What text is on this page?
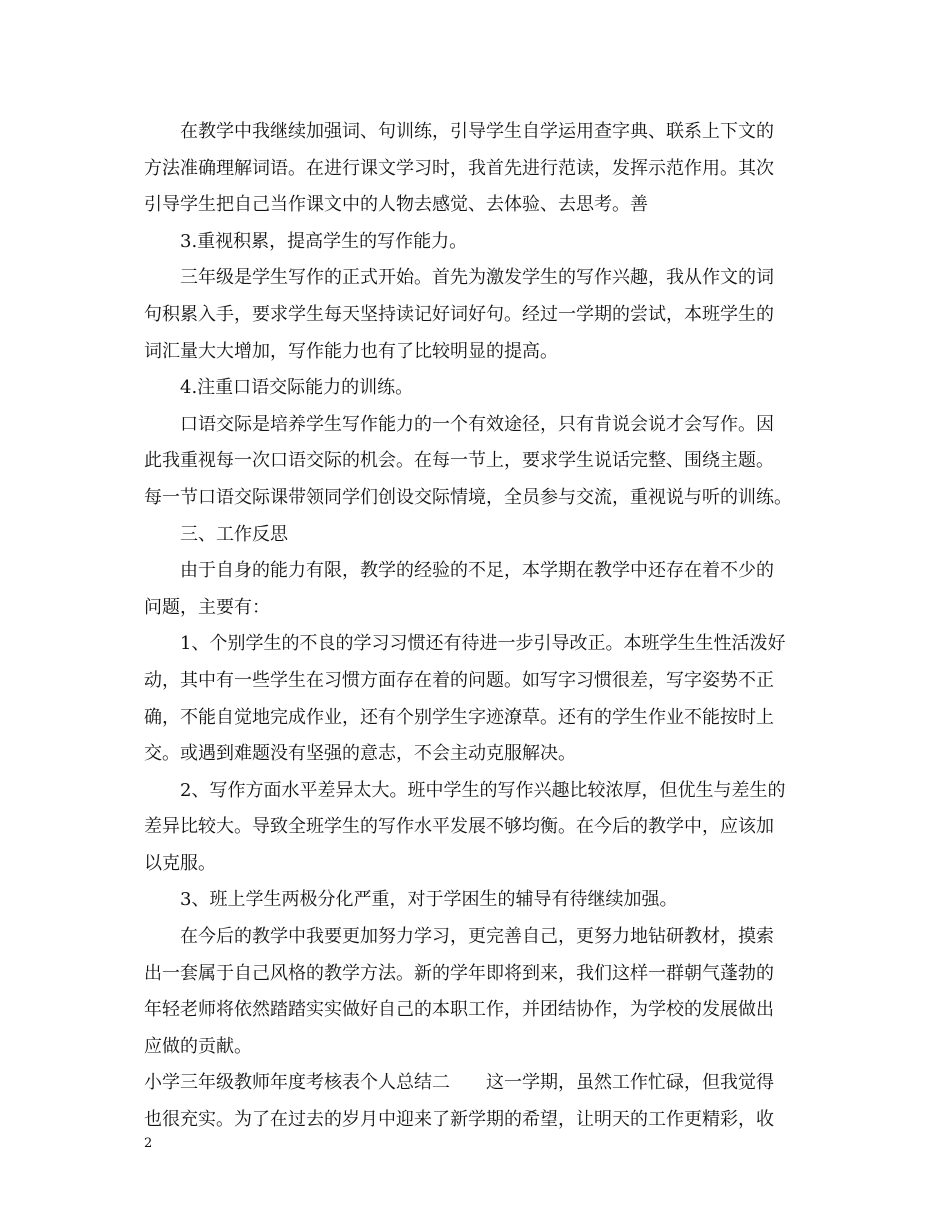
在教学中我继续加强词、句训练，引导学生自学运用查字典、联系上下文的
方法准确理解词语。在进行课文学习时，我首先进行范读，发挥示范作用。其次
引导学生把自己当作课文中的人物去感觉、去体验、去思考。善
3.重视积累，提高学生的写作能力。
三年级是学生写作的正式开始。首先为激发学生的写作兴趣，我从作文的词
句积累入手，要求学生每天坚持读记好词好句。经过一学期的尝试，本班学生的
词汇量大大增加，写作能力也有了比较明显的提高。
4.注重口语交际能力的训练。
口语交际是培养学生写作能力的一个有效途径，只有肯说会说才会写作。因
此我重视每一次口语交际的机会。在每一节上，要求学生说话完整、围绕主题。
每一节口语交际课带领同学们创设交际情境，全员参与交流，重视说与听的训练。
三、工作反思
由于自身的能力有限，教学的经验的不足，本学期在教学中还存在着不少的
问题，主要有：
1、个别学生的不良的学习习惯还有待进一步引导改正。本班学生生性活泼好
动，其中有一些学生在习惯方面存在着的问题。如写字习惯很差，写字姿势不正
确，不能自觉地完成作业，还有个别学生字迹潦草。还有的学生作业不能按时上
交。或遇到难题没有坚强的意志，不会主动克服解决。
2、写作方面水平差异太大。班中学生的写作兴趣比较浓厚，但优生与差生的
差异比较大。导致全班学生的写作水平发展不够均衡。在今后的教学中，应该加
以克服。
3、班上学生两极分化严重，对于学困生的辅导有待继续加强。
在今后的教学中我要更加努力学习，更完善自己，更努力地钻研教材，摸索
出一套属于自己风格的教学方法。新的学年即将到来，我们这样一群朝气蓬勃的
年轻老师将依然踏踏实实做好自己的本职工作，并团结协作，为学校的发展做出
应做的贡献。
小学三年级教师年度考核表个人总结二　　这一学期，虽然工作忙碌，但我觉得
也很充实。为了在过去的岁月中迎来了新学期的希望，让明天的工作更精彩，收
2
